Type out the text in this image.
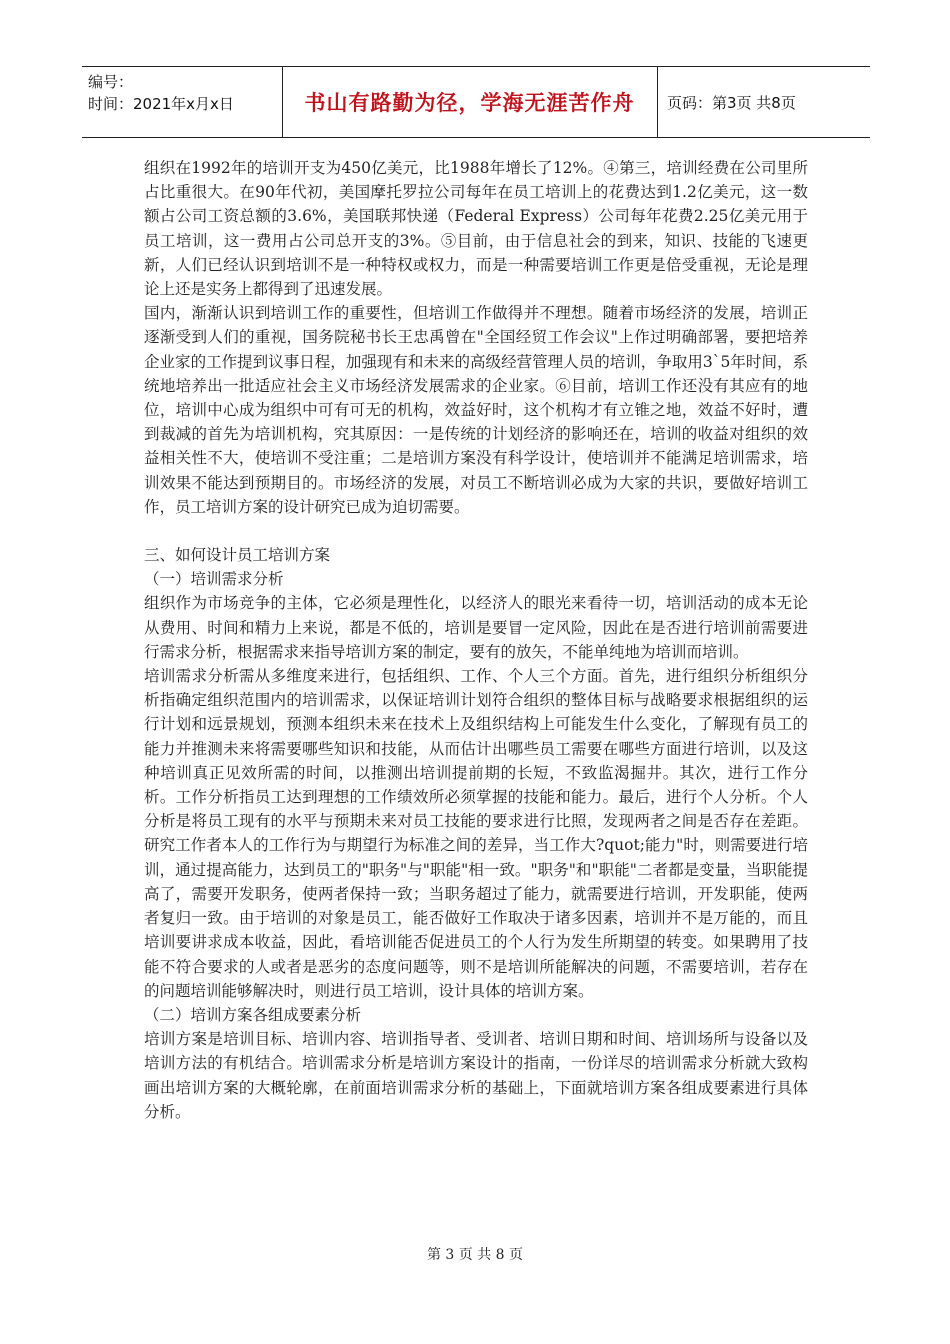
编号：
时间：2021年x月x日	书山有路勤为径，学海无涯苦作舟	页码：第3页 共8页

组织在1992年的培训开支为450亿美元，比1988年增长了12%。④第三，培训经费在公司里所占比重很大。在90年代初，美国摩托罗拉公司每年在员工培训上的花费达到1.2亿美元，这一数额占公司工资总额的3.6%，美国联邦快递（Federal Express）公司每年花费2.25亿美元用于员工培训，这一费用占公司总开支的3%。⑤目前，由于信息社会的到来，知识、技能的飞速更新，人们已经认识到培训不是一种特权或权力，而是一种需要培训工作更是倍受重视，无论是理论上还是实务上都得到了迅速发展。

国内，渐渐认识到培训工作的重要性，但培训工作做得并不理想。随着市场经济的发展，培训正逐渐受到人们的重视，国务院秘书长王忠禹曾在"全国经贸工作会议"上作过明确部署，要把培养企业家的工作提到议事日程，加强现有和未来的高级经营管理人员的培训，争取用3`5年时间，系统地培养出一批适应社会主义市场经济发展需求的企业家。⑥目前，培训工作还没有其应有的地位，培训中心成为组织中可有可无的机构，效益好时，这个机构才有立锥之地，效益不好时，遭到裁减的首先为培训机构，究其原因：一是传统的计划经济的影响还在，培训的收益对组织的效益相关性不大，使培训不受注重；二是培训方案没有科学设计，使培训并不能满足培训需求，培训效果不能达到预期目的。市场经济的发展，对员工不断培训必成为大家的共识，要做好培训工作，员工培训方案的设计研究已成为迫切需要。

三、如何设计员工培训方案

（一）培训需求分析

组织作为市场竞争的主体，它必须是理性化，以经济人的眼光来看待一切，培训活动的成本无论从费用、时间和精力上来说，都是不低的，培训是要冒一定风险，因此在是否进行培训前需要进行需求分析，根据需求来指导培训方案的制定，要有的放矢，不能单纯地为培训而培训。

培训需求分析需从多维度来进行，包括组织、工作、个人三个方面。首先，进行组织分析组织分析指确定组织范围内的培训需求，以保证培训计划符合组织的整体目标与战略要求根据组织的运行计划和远景规划，预测本组织未来在技术上及组织结构上可能发生什么变化，了解现有员工的能力并推测未来将需要哪些知识和技能，从而估计出哪些员工需要在哪些方面进行培训，以及这种培训真正见效所需的时间，以推测出培训提前期的长短，不致监渴掘井。其次，进行工作分析。工作分析指员工达到理想的工作绩效所必须掌握的技能和能力。最后，进行个人分析。个人分析是将员工现有的水平与预期未来对员工技能的要求进行比照，发现两者之间是否存在差距。研究工作者本人的工作行为与期望行为标准之间的差异，当工作大?quot;能力"时，则需要进行培训，通过提高能力，达到员工的"职务"与"职能"相一致。"职务"和"职能"二者都是变量，当职能提高了，需要开发职务，使两者保持一致；当职务超过了能力，就需要进行培训，开发职能，使两者复归一致。由于培训的对象是员工，能否做好工作取决于诸多因素，培训并不是万能的，而且培训要讲求成本收益，因此，看培训能否促进员工的个人行为发生所期望的转变。如果聘用了技能不符合要求的人或者是恶劣的态度问题等，则不是培训所能解决的问题，不需要培训，若存在的问题培训能够解决时，则进行员工培训，设计具体的培训方案。

（二）培训方案各组成要素分析

培训方案是培训目标、培训内容、培训指导者、受训者、培训日期和时间、培训场所与设备以及培训方法的有机结合。培训需求分析是培训方案设计的指南，一份详尽的培训需求分析就大致构画出培训方案的大概轮廓，在前面培训需求分析的基础上，下面就培训方案各组成要素进行具体分析。

第 3 页 共 8 页
